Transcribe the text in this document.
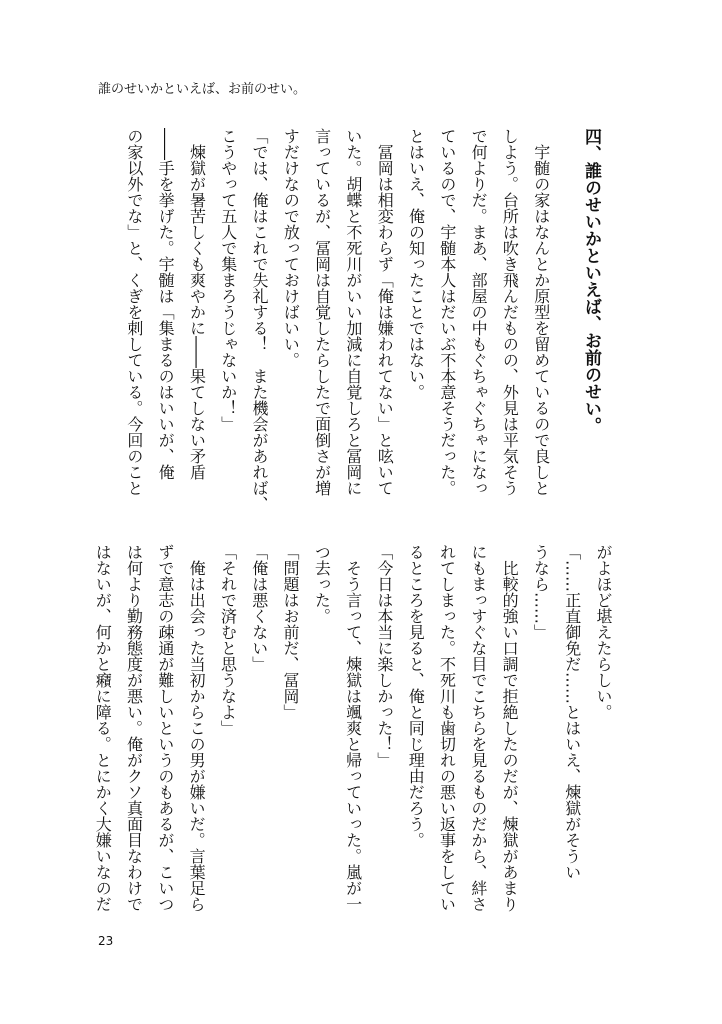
誰のせいかといえば、お前のせい。
四、誰のせいかといえば、お前のせい。
宇髄の家はなんとか原型を留めているので良しと
しよう。台所は吹き飛んだものの、外見は平気そう
で何よりだ。まあ、部屋の中もぐちゃぐちゃになっ
ているので、宇髄本人はだいぶ不本意そうだった。
とはいえ、俺の知ったことではない。
冨岡は相変わらず「俺は嫌われてない」と呟いて
いた。胡蝶と不死川がいい加減に自覚しろと冨岡に
言っているが、冨岡は自覚したらしたで面倒さが増
すだけなので放っておけばいい。
「では、俺はこれで失礼する！　また機会があれば、
こうやって五人で集まろうじゃないか！」
煉獄が暑苦しくも爽やかに――果てしない矛盾
――手を挙げた。宇髄は「集まるのはいいが、俺
の家以外でな」と、くぎを刺している。今回のこと
がよほど堪えたらしい。
「……正直御免だ……とはいえ、煉獄がそうい
うなら……」
比較的強い口調で拒絶したのだが、煉獄があまり
にもまっすぐな目でこちらを見るものだから、絆さ
れてしまった。不死川も歯切れの悪い返事をしてい
るところを見ると、俺と同じ理由だろう。
「今日は本当に楽しかった！」
そう言って、煉獄は颯爽と帰っていった。嵐が一
つ去った。
「問題はお前だ、冨岡」
「俺は悪くない」
「それで済むと思うなよ」
俺は出会った当初からこの男が嫌いだ。言葉足ら
ずで意志の疎通が難しいというのもあるが、こいつ
は何より勤務態度が悪い。俺がクソ真面目なわけで
はないが、何かと癪に障る。とにかく大嫌いなのだ
23
